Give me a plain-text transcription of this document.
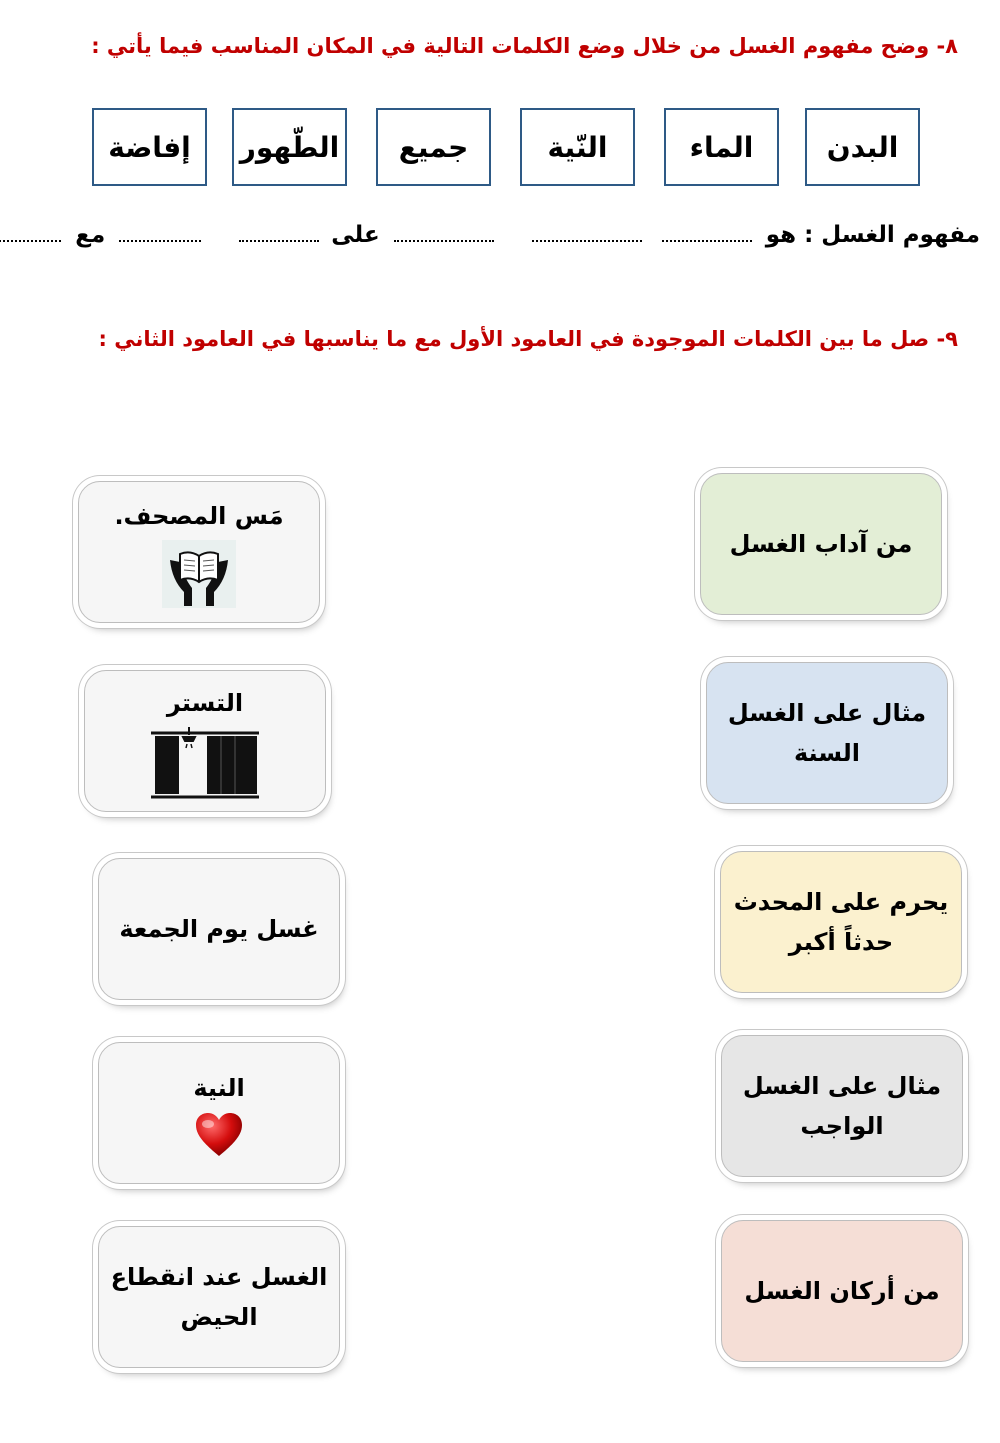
٨- وضح مفهوم الغسل من خلال وضع الكلمات التالية في المكان المناسب فيما يأتي :
البدن
الماء
النّية
جميع
الطّهور
إفاضة
مفهوم الغسل : هو    على   مع
٩- صل ما بين الكلمات الموجودة في العامود الأول مع ما يناسبها في العامود الثاني :
من آداب الغسل
مثال على الغسل
السنة
يحرم على المحدث
حدثاً أكبر
مثال على الغسل
الواجب
من أركان الغسل
مَس المصحف.
التستر
غسل يوم الجمعة
النية
الغسل عند انقطاع
الحيض
